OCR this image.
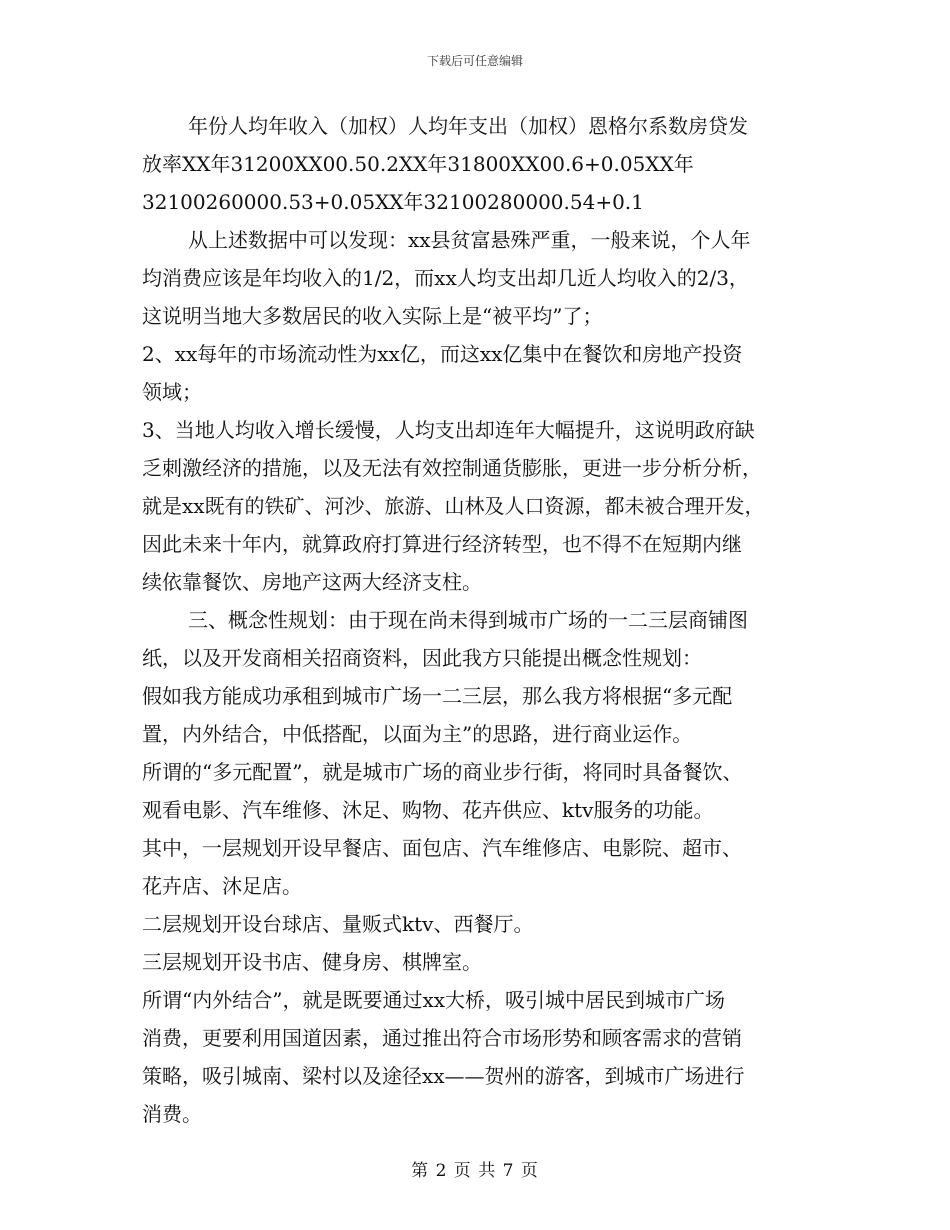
下载后可任意编辑
年份人均年收入（加权）人均年支出（加权）恩格尔系数房贷发
放率XX年31200XX00.50.2XX年31800XX00.6+0.05XX年
32100260000.53+0.05XX年32100280000.54+0.1
从上述数据中可以发现：xx县贫富悬殊严重，一般来说，个人年
均消费应该是年均收入的1/2，而xx人均支出却几近人均收入的2/3，
这说明当地大多数居民的收入实际上是“被平均”了；
2、xx每年的市场流动性为xx亿，而这xx亿集中在餐饮和房地产投资
领域；
3、当地人均收入增长缓慢，人均支出却连年大幅提升，这说明政府缺
乏刺激经济的措施，以及无法有效控制通货膨胀，更进一步分析分析，
就是xx既有的铁矿、河沙、旅游、山林及人口资源，都未被合理开发，
因此未来十年内，就算政府打算进行经济转型，也不得不在短期内继
续依靠餐饮、房地产这两大经济支柱。
三、概念性规划：由于现在尚未得到城市广场的一二三层商铺图
纸，以及开发商相关招商资料，因此我方只能提出概念性规划：
假如我方能成功承租到城市广场一二三层，那么我方将根据“多元配
置，内外结合，中低搭配，以面为主”的思路，进行商业运作。
所谓的“多元配置”，就是城市广场的商业步行街，将同时具备餐饮、
观看电影、汽车维修、沐足、购物、花卉供应、ktv服务的功能。
其中，一层规划开设早餐店、面包店、汽车维修店、电影院、超市、
花卉店、沐足店。
二层规划开设台球店、量贩式ktv、西餐厅。
三层规划开设书店、健身房、棋牌室。
所谓“内外结合”，就是既要通过xx大桥，吸引城中居民到城市广场
消费，更要利用国道因素，通过推出符合市场形势和顾客需求的营销
策略，吸引城南、梁村以及途径xx——贺州的游客，到城市广场进行
消费。
第 2 页 共 7 页
